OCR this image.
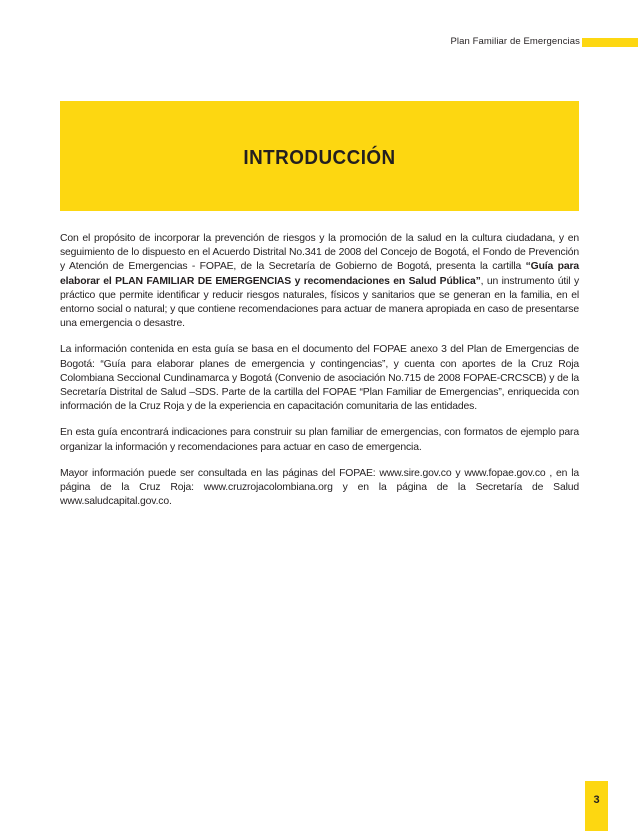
Plan Familiar de Emergencias
INTRODUCCIÓN

Con el propósito de incorporar la prevención de riesgos y la promoción de la salud en la cultura ciudadana, y en seguimiento de lo dispuesto en el Acuerdo Distrital No.341 de 2008 del Concejo de Bogotá, el Fondo de Prevención y Atención de Emergencias - FOPAE, de la Secretaría de Gobierno de Bogotá, presenta la cartilla “Guía para elaborar el PLAN FAMILIAR DE EMERGENCIAS y recomendaciones en Salud Pública”, un instrumento útil y práctico que permite identificar y reducir riesgos naturales, físicos y sanitarios que se generan en la familia, en el entorno social o natural; y que contiene recomendaciones para actuar de manera apropiada en caso de presentarse una emergencia o desastre.

La información contenida en esta guía se basa en el documento del FOPAE anexo 3 del Plan de Emergencias de Bogotá: “Guía para elaborar planes de emergencia y contingencias”, y cuenta con aportes de la Cruz Roja Colombiana Seccional Cundinamarca y Bogotá (Convenio de asociación No.715 de 2008 FOPAE-CRCSCB) y de la Secretaría Distrital de Salud –SDS. Parte de la cartilla del FOPAE “Plan Familiar de Emergencias”, enriquecida con información de la Cruz Roja y de la experiencia en capacitación comunitaria de las entidades.

En esta guía encontrará indicaciones para construir su plan familiar de emergencias, con formatos de ejemplo para organizar la información y recomendaciones para actuar en caso de emergencia.

Mayor información puede ser consultada en las páginas del FOPAE: www.sire.gov.co y www.fopae.gov.co , en la página de la Cruz Roja: www.cruzrojacolombiana.org y en la página de la Secretaría de Salud www.saludcapital.gov.co.

3
